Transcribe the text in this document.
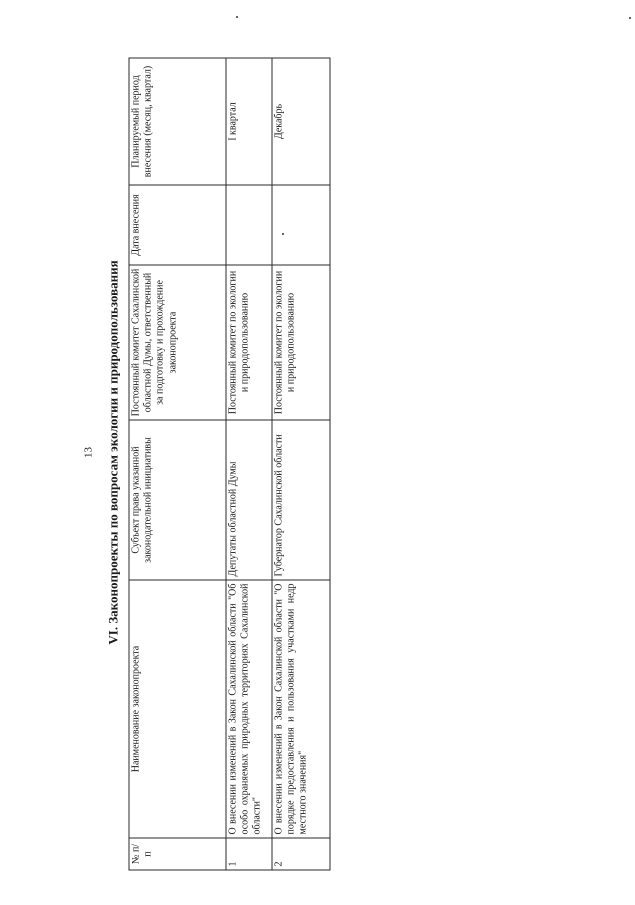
13 VI. Законопроекты по вопросам экологии и природопользования
№ п/п	Наименование законопроекта	Субъект права указанной законодательной инициативы	Постоянный комитет Сахалинской областной Думы, ответственный за подготовку и прохождение законопроекта	Дата внесения	Планируемый период внесения (месяц, квартал)
1	О внесении изменений в Закон Сахалинской области "Об особо охраняемых природных территориях Сахалинской области"	Депутаты областной Думы	Постоянный комитет по экологии и природопользованию		I квартал
2	О внесении изменений в Закон Сахалинской области "О порядке предоставления и пользования участками недр местного значения"	Губернатор Сахалинской области	Постоянный комитет по экологии и природопользованию		Декабрь
